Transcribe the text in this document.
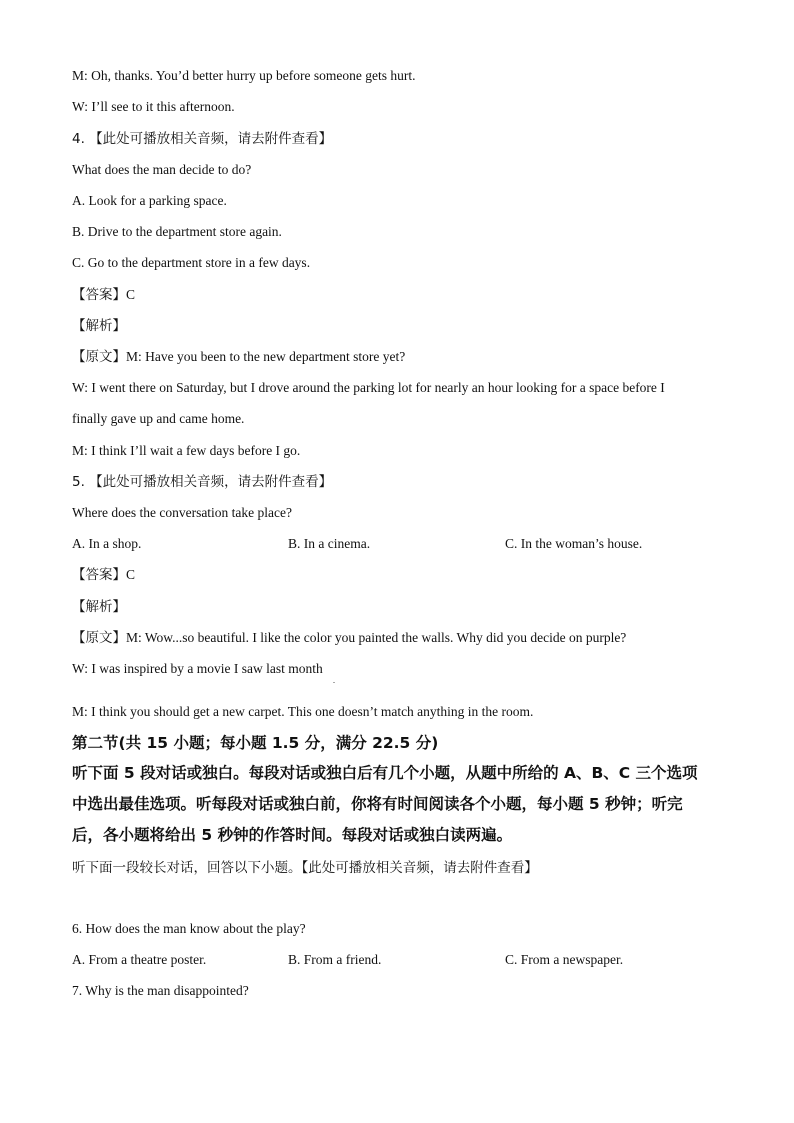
M: Oh, thanks. You’d better hurry up before someone gets hurt.
W: I’ll see to it this afternoon.
4. 【此处可播放相关音频，请去附件查看】
What does the man decide to do?
A. Look for a parking space.
B. Drive to the department store again.
C. Go to the department store in a few days.
【答案】C
【解析】
【原文】M: Have you been to the new department store yet?
W: I went there on Saturday, but I drove around the parking lot for nearly an hour looking for a space before I
finally gave up and came home.
M: I think I’ll wait a few days before I go.
5. 【此处可播放相关音频，请去附件查看】
Where does the conversation take place?
A. In a shop.	B. In a cinema.	C. In the woman’s house.
【答案】C
【解析】
【原文】M: Wow...so beautiful. I like the color you painted the walls. Why did you decide on purple?
W: I was inspired by a movie I saw last month
.
M: I think you should get a new carpet. This one doesn’t match anything in the room.
第二节(共 15 小题；每小题 1.5 分，满分 22.5 分)
听下面 5 段对话或独白。每段对话或独白后有几个小题，从题中所给的 A、B、C 三个选项
中选出最佳选项。听每段对话或独白前，你将有时间阅读各个小题，每小题 5 秒钟；听完
后，各小题将给出 5 秒钟的作答时间。每段对话或独白读两遍。
听下面一段较长对话，回答以下小题。【此处可播放相关音频，请去附件查看】
6. How does the man know about the play?
A. From a theatre poster.	B. From a friend.	C. From a newspaper.
7. Why is the man disappointed?
